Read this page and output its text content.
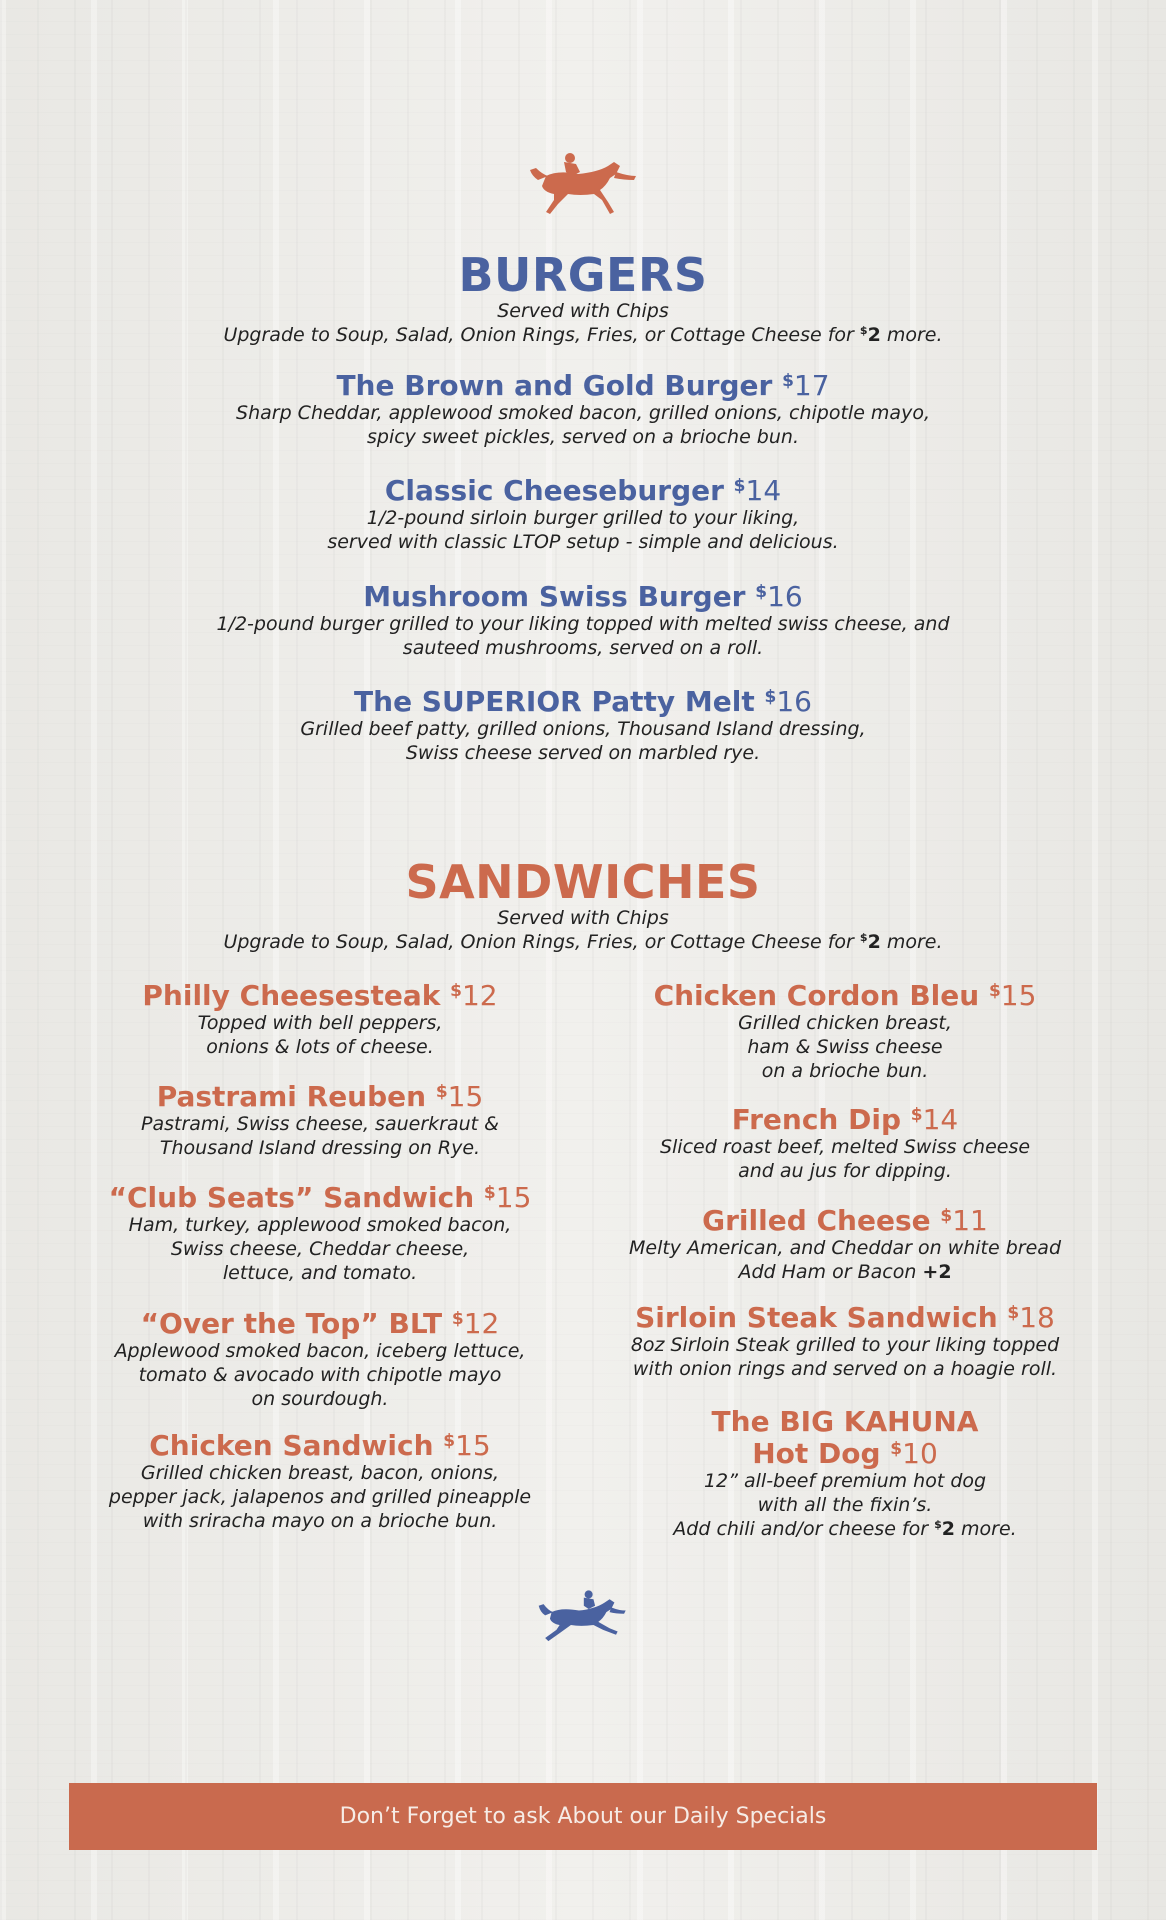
BURGERS

Served with Chips

Upgrade to Soup, Salad, Onion Rings, Fries, or Cottage Cheese for $2 more.

The Brown and Gold Burger $17

Sharp Cheddar, applewood smoked bacon, grilled onions, chipotle mayo,
spicy sweet pickles, served on a brioche bun.

Classic Cheeseburger $14

1/2-pound sirloin burger grilled to your liking,
served with classic LTOP setup - simple and delicious.

Mushroom Swiss Burger $16

1/2-pound burger grilled to your liking topped with melted swiss cheese, and
sauteed mushrooms, served on a roll.

The SUPERIOR Patty Melt $16

Grilled beef patty, grilled onions, Thousand Island dressing,
Swiss cheese served on marbled rye.

SANDWICHES

Served with Chips

Upgrade to Soup, Salad, Onion Rings, Fries, or Cottage Cheese for $2 more.

Philly Cheesesteak $12

Topped with bell peppers,
onions & lots of cheese.

Pastrami Reuben $15

Pastrami, Swiss cheese, sauerkraut &
Thousand Island dressing on Rye.

“Club Seats” Sandwich $15

Ham, turkey, applewood smoked bacon,
Swiss cheese, Cheddar cheese,
lettuce, and tomato.

“Over the Top” BLT $12

Applewood smoked bacon, iceberg lettuce,
tomato & avocado with chipotle mayo
on sourdough.

Chicken Sandwich $15

Grilled chicken breast, bacon, onions,
pepper jack, jalapenos and grilled pineapple
with sriracha mayo on a brioche bun.

Chicken Cordon Bleu $15

Grilled chicken breast,
ham & Swiss cheese
on a brioche bun.

French Dip $14

Sliced roast beef, melted Swiss cheese
and au jus for dipping.

Grilled Cheese $11

Melty American, and Cheddar on white bread

Add Ham or Bacon +2

Sirloin Steak Sandwich $18

8oz Sirloin Steak grilled to your liking topped
with onion rings and served on a hoagie roll.

The BIG KAHUNA

Hot Dog $10

12” all-beef premium hot dog
with all the fixin’s.

Add chili and/or cheese for $2 more.

Don’t Forget to ask About our Daily Specials
